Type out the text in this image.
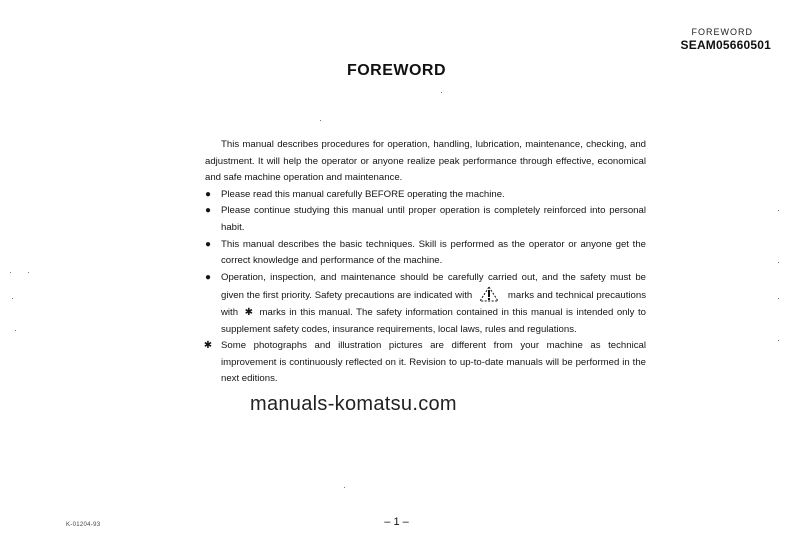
FOREWORD
SEAM05660501
FOREWORD

This manual describes procedures for operation, handling, lubrication, maintenance, checking, and adjustment. It will help the operator or anyone realize peak performance through effective, economical and safe machine operation and maintenance.

● Please read this manual carefully BEFORE operating the machine.
● Please continue studying this manual until proper operation is completely reinforced into personal habit.
● This manual describes the basic techniques. Skill is performed as the operator or anyone get the correct knowledge and performance of the machine.
● Operation, inspection, and maintenance should be carefully carried out, and the safety must be given the first priority. Safety precautions are indicated with	marks and technical precautions with ✱ marks in this manual. The safety information contained in this manual is intended only to supplement safety codes, insurance requirements, local laws, rules and regulations.
✱ Some photographs and illustration pictures are different from your machine as technical improvement is continuously reflected on it. Revision to up-to-date manuals will be performed in the next editions.
manuals-komatsu.com
– 1 –
K-01204-93
